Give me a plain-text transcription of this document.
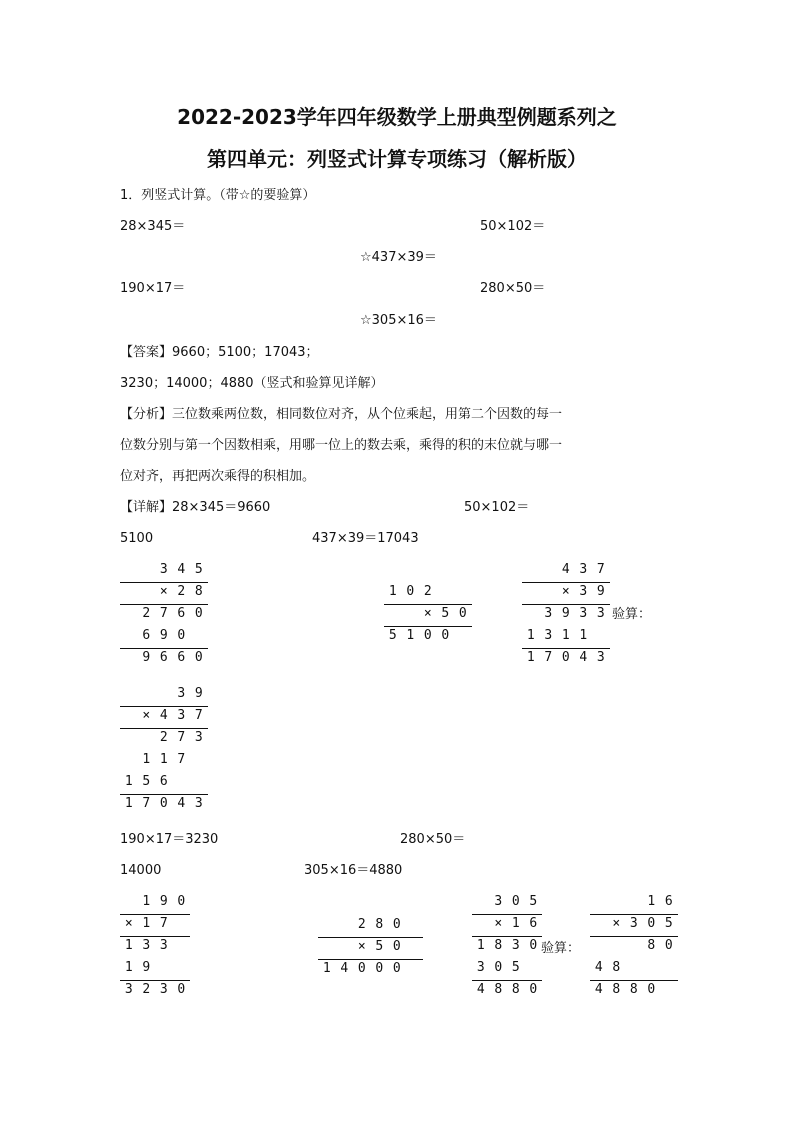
2022-2023学年四年级数学上册典型例题系列之
第四单元：列竖式计算专项练习（解析版）
1．列竖式计算。（带☆的要验算）
28×345＝	50×102＝
☆437×39＝
190×17＝	280×50＝
☆305×16＝
【答案】9660；5100；17043；
3230；14000；4880（竖式和验算见详解）
【分析】三位数乘两位数，相同数位对齐，从个位乘起，用第二个因数的每一
位数分别与第一个因数相乘，用哪一位上的数去乘，乘得的积的末位就与哪一
位对齐，再把两次乘得的积相加。
【详解】28×345＝9660	50×102＝
5100	437×39＝17043
验算：
190×17＝3230	280×50＝
14000	305×16＝4880
验算：
3 4 5
× 2 8
2 7 6 0
6 9 0
9 6 6 0
1 0 2
× 5 0
5 1 0 0
4 3 7
× 3 9
3 9 3 3
1 3 1 1
1 7 0 4 3
3 9
× 4 3 7
2 7 3
1 1 7
1 5 6
1 7 0 4 3
1 9 0
× 1 7
1 3 3
1 9
3 2 3 0
2 8 0
× 5 0
1 4 0 0 0
3 0 5
× 1 6
1 8 3 0
3 0 5
4 8 8 0
1 6
× 3 0 5
8 0
4 8
4 8 8 0
